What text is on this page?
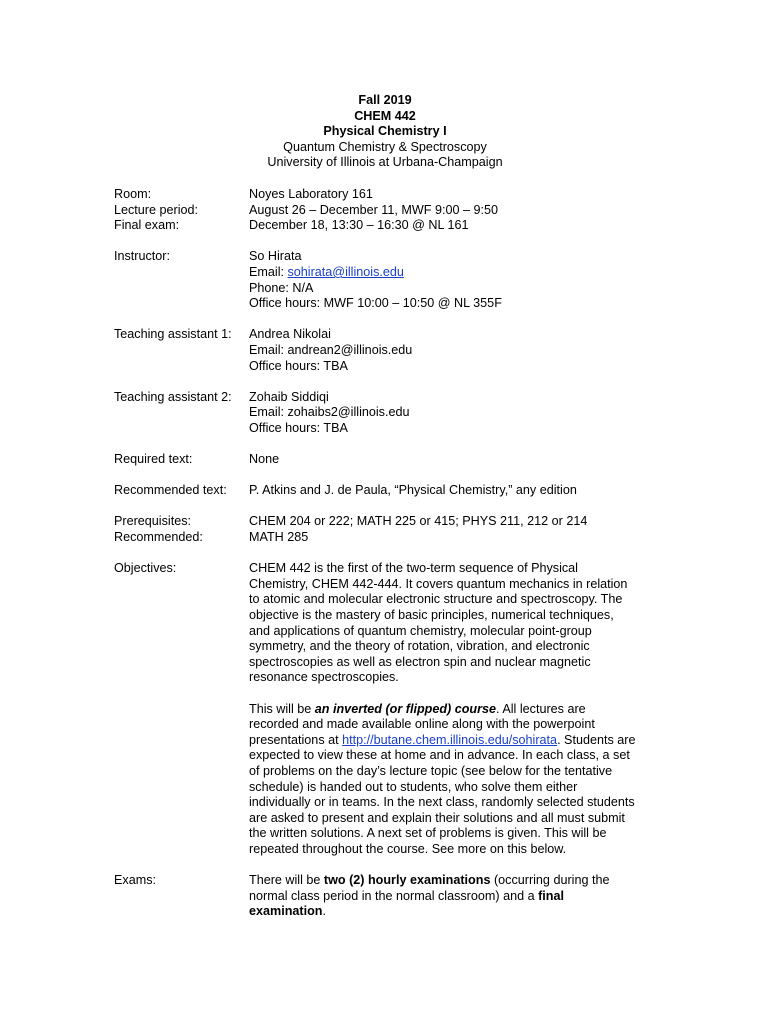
Fall 2019
CHEM 442
Physical Chemistry I
Quantum Chemistry & Spectroscopy
University of Illinois at Urbana-Champaign
Room:	Noyes Laboratory 161
Lecture period:	August 26 – December 11, MWF 9:00 – 9:50
Final exam:	December 18, 13:30 – 16:30 @ NL 161
Instructor:	So Hirata
Email: sohirata@illinois.edu
Phone: N/A
Office hours: MWF 10:00 – 10:50 @ NL 355F
Teaching assistant 1:	Andrea Nikolai
Email: andrean2@illinois.edu
Office hours: TBA
Teaching assistant 2:	Zohaib Siddiqi
Email: zohaibs2@illinois.edu
Office hours: TBA
Required text:	None
Recommended text:	P. Atkins and J. de Paula, “Physical Chemistry,” any edition
Prerequisites:	CHEM 204 or 222; MATH 225 or 415; PHYS 211, 212 or 214
Recommended:	MATH 285
Objectives:	CHEM 442 is the first of the two-term sequence of Physical
Chemistry, CHEM 442-444. It covers quantum mechanics in relation
to atomic and molecular electronic structure and spectroscopy. The
objective is the mastery of basic principles, numerical techniques,
and applications of quantum chemistry, molecular point-group
symmetry, and the theory of rotation, vibration, and electronic
spectroscopies as well as electron spin and nuclear magnetic
resonance spectroscopies.
This will be an inverted (or flipped) course. All lectures are
recorded and made available online along with the powerpoint
presentations at http://butane.chem.illinois.edu/sohirata. Students are
expected to view these at home and in advance. In each class, a set
of problems on the day’s lecture topic (see below for the tentative
schedule) is handed out to students, who solve them either
individually or in teams. In the next class, randomly selected students
are asked to present and explain their solutions and all must submit
the written solutions. A next set of problems is given. This will be
repeated throughout the course. See more on this below.
Exams:	There will be two (2) hourly examinations (occurring during the
normal class period in the normal classroom) and a final
examination.
